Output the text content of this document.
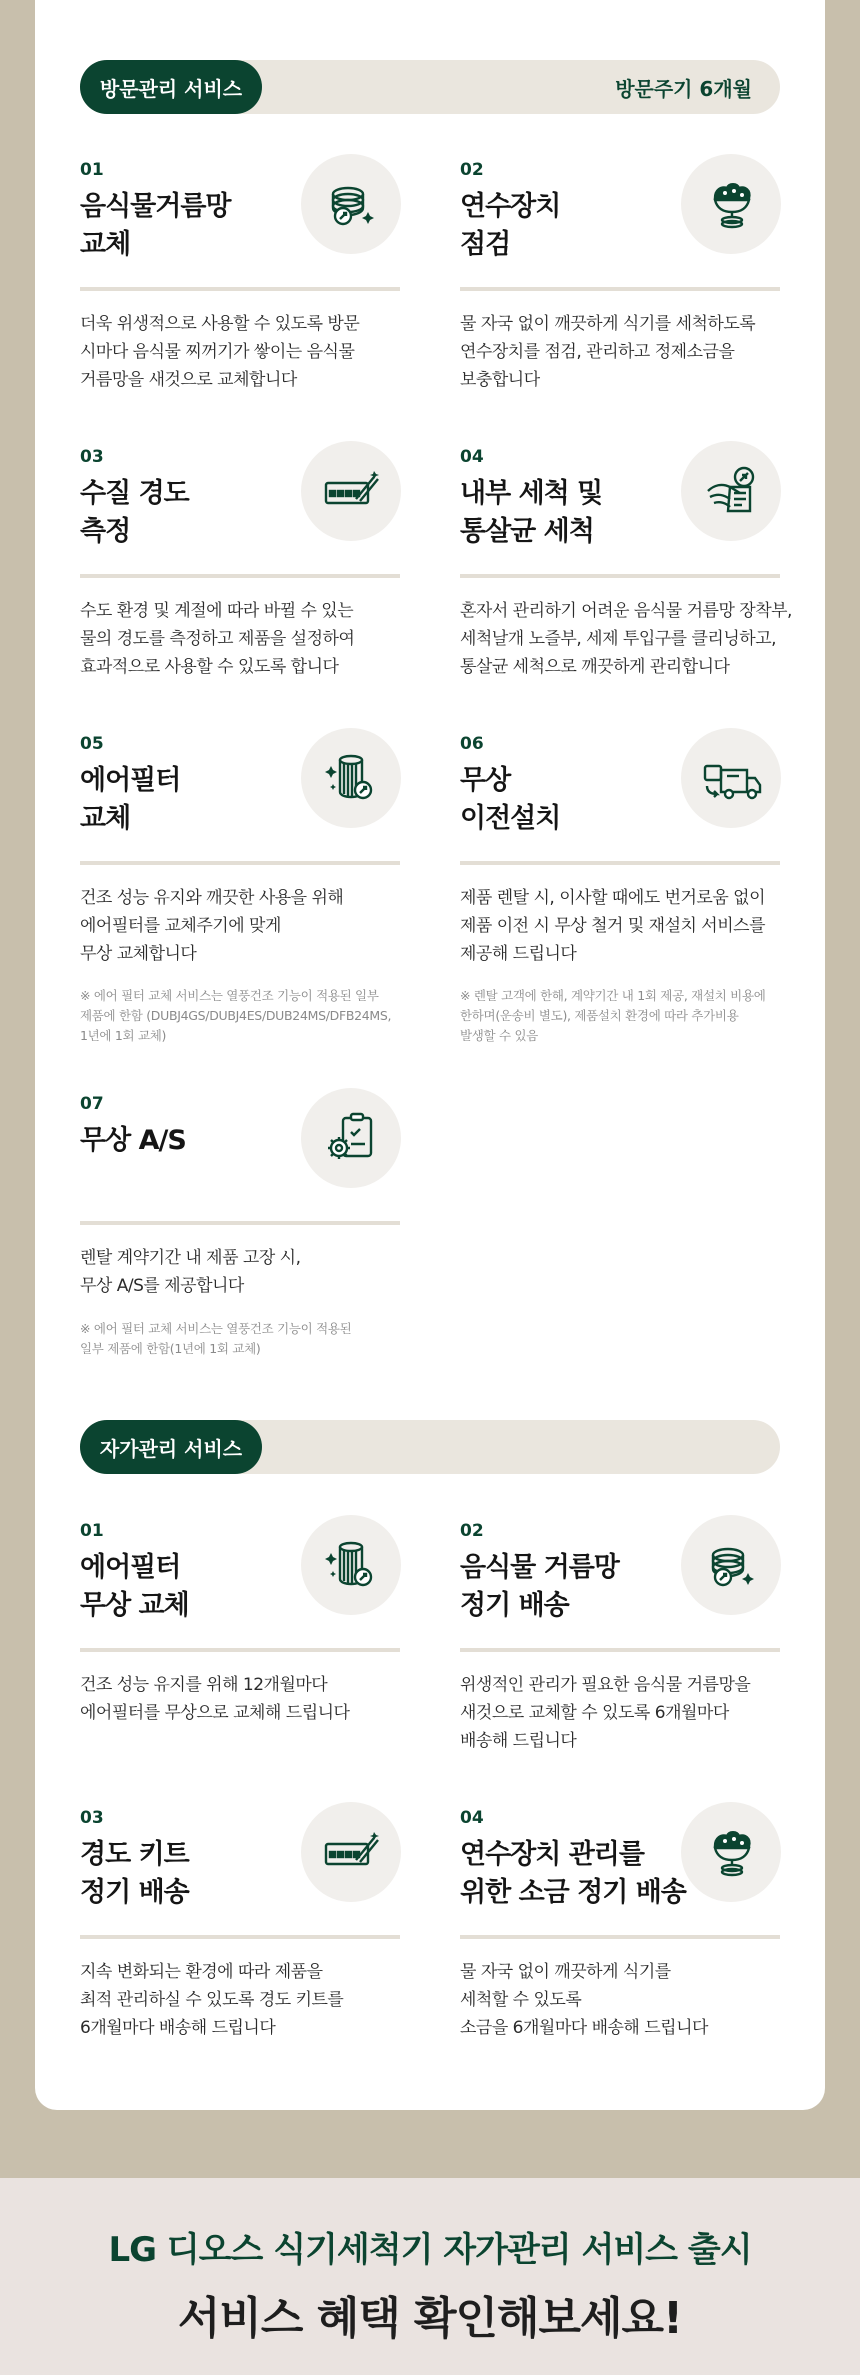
방문관리 서비스	방문주기 6개월
01
음식물거름망
교체
더욱 위생적으로 사용할 수 있도록 방문
시마다 음식물 찌꺼기가 쌓이는 음식물
거름망을 새것으로 교체합니다
02
연수장치
점검
물 자국 없이 깨끗하게 식기를 세척하도록
연수장치를 점검, 관리하고 정제소금을
보충합니다
03
수질 경도
측정
수도 환경 및 계절에 따라 바뀔 수 있는
물의 경도를 측정하고 제품을 설정하여
효과적으로 사용할 수 있도록 합니다
04
내부 세척 및
통살균 세척
혼자서 관리하기 어려운 음식물 거름망 장착부,
세척날개 노즐부, 세제 투입구를 클리닝하고,
통살균 세척으로 깨끗하게 관리합니다
05
에어필터
교체
건조 성능 유지와 깨끗한 사용을 위해
에어필터를 교체주기에 맞게
무상 교체합니다
※ 에어 필터 교체 서비스는 열풍건조 기능이 적용된 일부
제품에 한함 (DUBJ4GS/DUBJ4ES/DUB24MS/DFB24MS,
1년에 1회 교체)
06
무상
이전설치
제품 렌탈 시, 이사할 때에도 번거로움 없이
제품 이전 시 무상 철거 및 재설치 서비스를
제공해 드립니다
※ 렌탈 고객에 한해, 계약기간 내 1회 제공, 재설치 비용에
한하며(운송비 별도), 제품설치 환경에 따라 추가비용
발생할 수 있음
07
무상 A/S
렌탈 계약기간 내 제품 고장 시,
무상 A/S를 제공합니다
※ 에어 필터 교체 서비스는 열풍건조 기능이 적용된
일부 제품에 한함(1년에 1회 교체)
자가관리 서비스
01
에어필터
무상 교체
건조 성능 유지를 위해 12개월마다
에어필터를 무상으로 교체해 드립니다
02
음식물 거름망
정기 배송
위생적인 관리가 필요한 음식물 거름망을
새것으로 교체할 수 있도록 6개월마다
배송해 드립니다
03
경도 키트
정기 배송
지속 변화되는 환경에 따라 제품을
최적 관리하실 수 있도록 경도 키트를
6개월마다 배송해 드립니다
04
연수장치 관리를
위한 소금 정기 배송
물 자국 없이 깨끗하게 식기를
세척할 수 있도록
소금을 6개월마다 배송해 드립니다
LG 디오스 식기세척기 자가관리 서비스 출시
서비스 혜택 확인해보세요!
